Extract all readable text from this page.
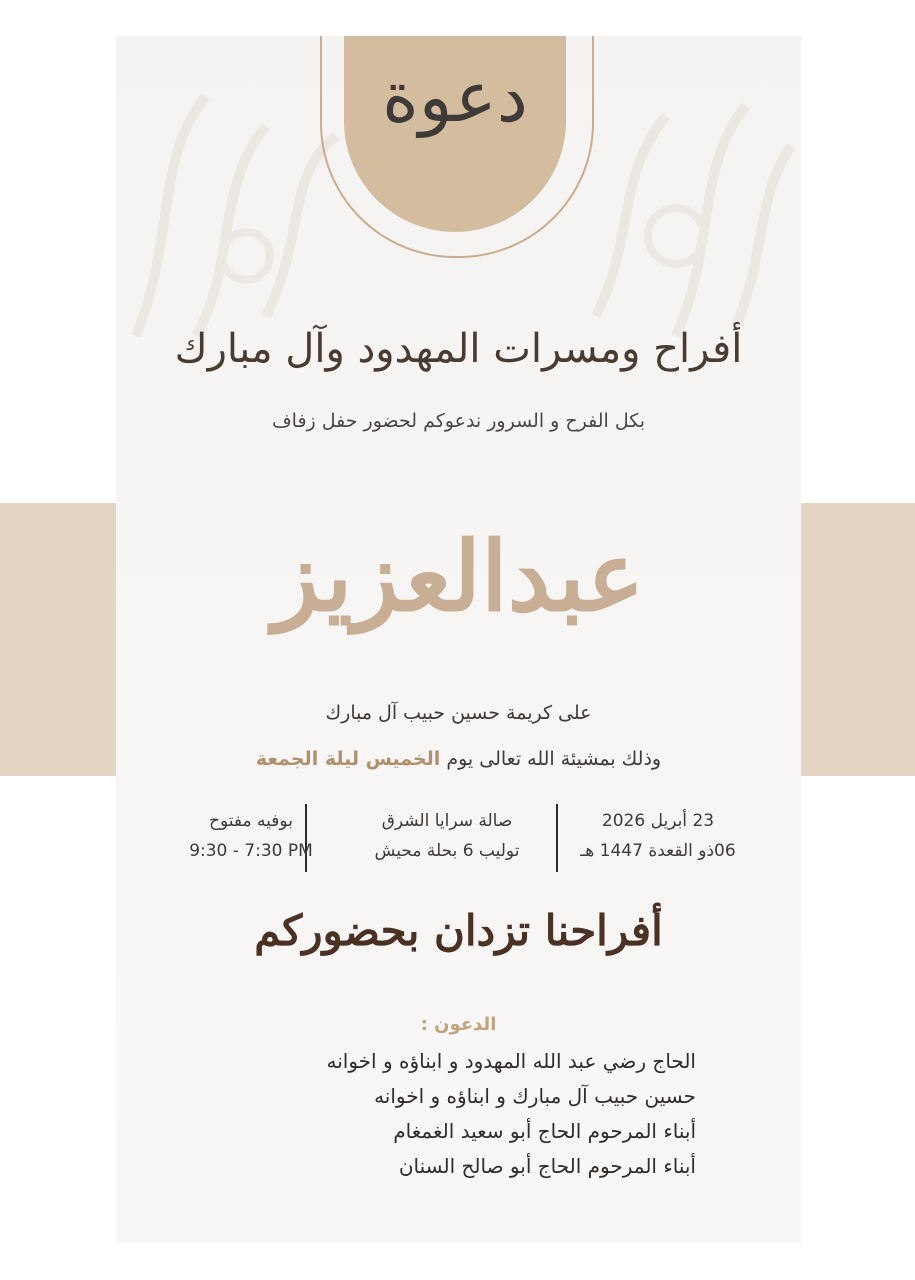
دعوة
أفراح ومسرات المهدود وآل مبارك
بكل الفرح و السرور ندعوكم لحضور حفل زفاف
عبدالعزيز
على كريمة حسين حبيب آل مبارك
وذلك بمشيئة الله تعالى يوم الخميس ليلة الجمعة
23 أبريل 2026
06ذو القعدة 1447 هـ
صالة سرايا الشرق
توليب 6 بحلة محيش
بوفيه مفتوح
9:30 - 7:30 PM
أفراحنا تزدان بحضوركم
الدعون :
الحاج رضي عبد الله المهدود و ابناؤه و اخوانه
حسين حبيب آل مبارك و ابناؤه و اخوانه
أبناء المرحوم الحاج أبو سعيد الغمغام
أبناء المرحوم الحاج أبو صالح السنان
